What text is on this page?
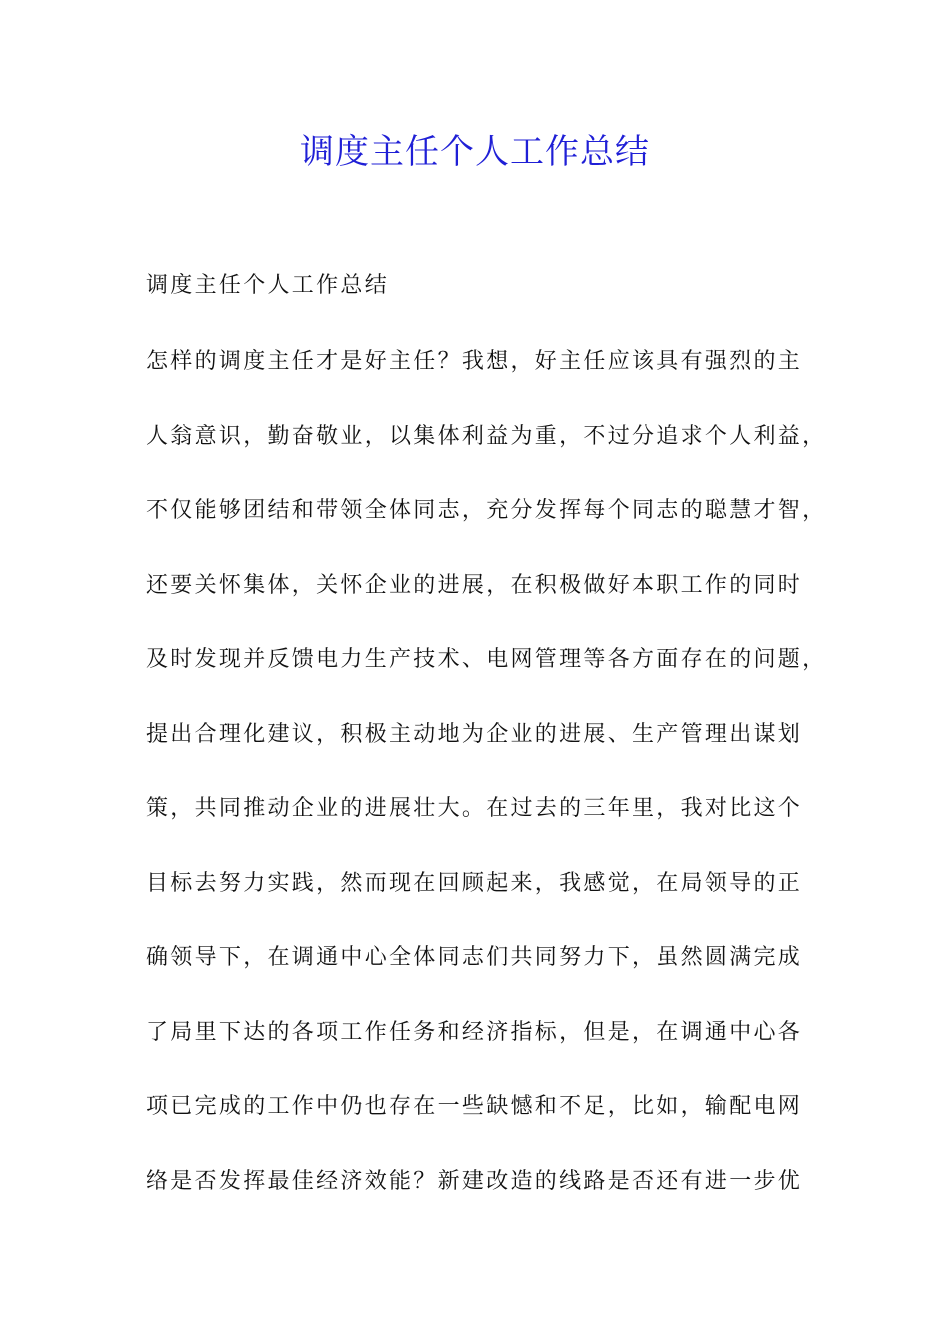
调度主任个人工作总结
调度主任个人工作总结
怎样的调度主任才是好主任？我想，好主任应该具有强烈的主
人翁意识，勤奋敬业，以集体利益为重，不过分追求个人利益，
不仅能够团结和带领全体同志，充分发挥每个同志的聪慧才智，
还要关怀集体，关怀企业的进展，在积极做好本职工作的同时
及时发现并反馈电力生产技术、电网管理等各方面存在的问题，
提出合理化建议，积极主动地为企业的进展、生产管理出谋划
策，共同推动企业的进展壮大。在过去的三年里，我对比这个
目标去努力实践，然而现在回顾起来，我感觉，在局领导的正
确领导下，在调通中心全体同志们共同努力下，虽然圆满完成
了局里下达的各项工作任务和经济指标，但是，在调通中心各
项已完成的工作中仍也存在一些缺憾和不足，比如，输配电网
络是否发挥最佳经济效能？新建改造的线路是否还有进一步优
